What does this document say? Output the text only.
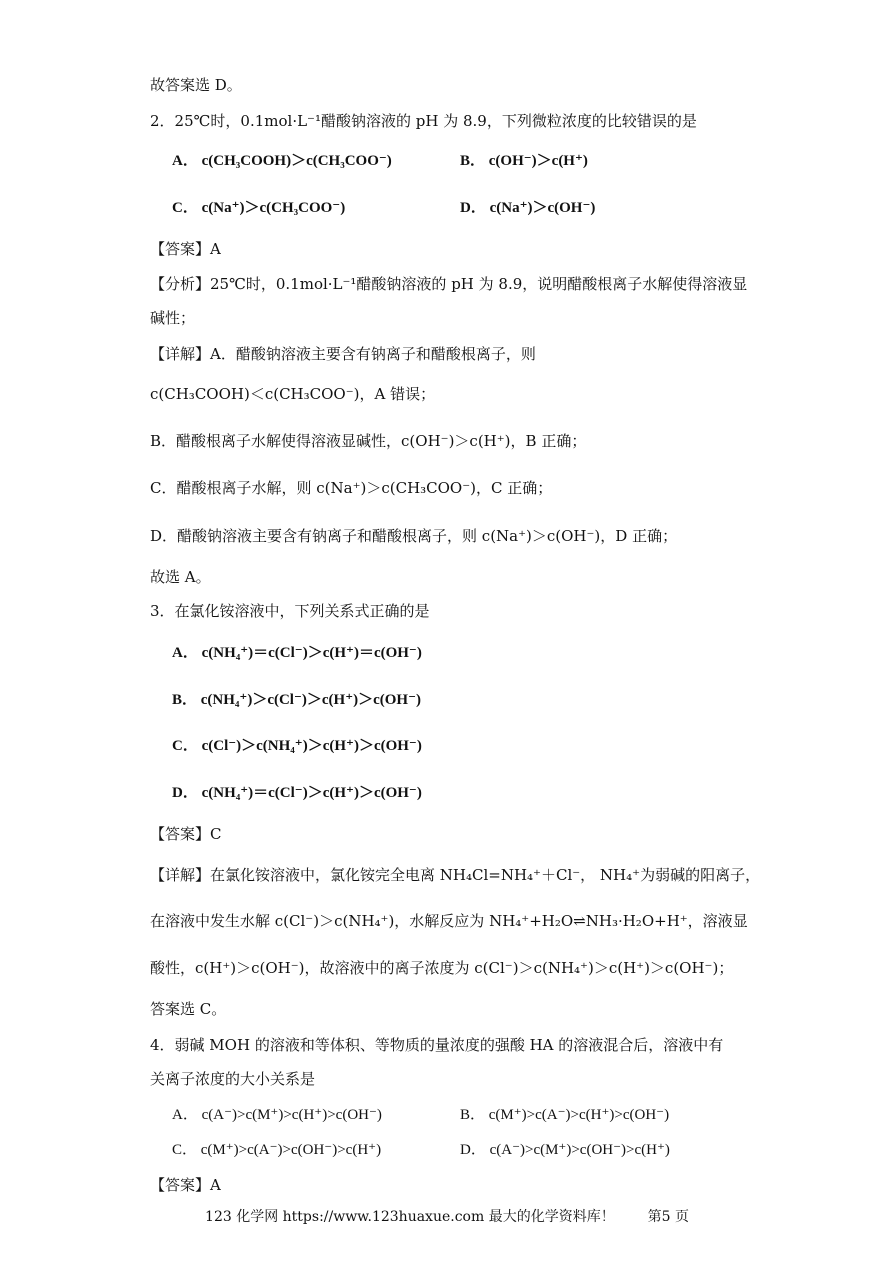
故答案选 D。
2．25℃时，0.1mol·L⁻¹醋酸钠溶液的 pH 为 8.9，下列微粒浓度的比较错误的是
A． c(CH₃COOH)＞c(CH₃COO⁻)	B． c(OH⁻)＞c(H⁺)
C． c(Na⁺)＞c(CH₃COO⁻)	D． c(Na⁺)＞c(OH⁻)
【答案】A
【分析】25℃时，0.1mol·L⁻¹醋酸钠溶液的 pH 为 8.9，说明醋酸根离子水解使得溶液显
碱性；
【详解】A．醋酸钠溶液主要含有钠离子和醋酸根离子，则
c(CH₃COOH)＜c(CH₃COO⁻)，A 错误；
B．醋酸根离子水解使得溶液显碱性，c(OH⁻)＞c(H⁺)，B 正确；
C．醋酸根离子水解，则 c(Na⁺)＞c(CH₃COO⁻)，C 正确；
D．醋酸钠溶液主要含有钠离子和醋酸根离子，则 c(Na⁺)＞c(OH⁻)，D 正确；
故选 A。
3．在氯化铵溶液中，下列关系式正确的是
A． c(NH₄⁺)＝c(Cl⁻)＞c(H⁺)＝c(OH⁻)
B． c(NH₄⁺)＞c(Cl⁻)＞c(H⁺)＞c(OH⁻)
C． c(Cl⁻)＞c(NH₄⁺)＞c(H⁺)＞c(OH⁻)
D． c(NH₄⁺)＝c(Cl⁻)＞c(H⁺)＞c(OH⁻)
【答案】C
【详解】在氯化铵溶液中，氯化铵完全电离 NH₄Cl=NH₄⁺＋Cl⁻， NH₄⁺为弱碱的阳离子，
在溶液中发生水解 c(Cl⁻)＞c(NH₄⁺)，水解反应为 NH₄⁺+H₂O⇌NH₃·H₂O+H⁺，溶液显
酸性，c(H⁺)＞c(OH⁻)，故溶液中的离子浓度为 c(Cl⁻)＞c(NH₄⁺)＞c(H⁺)＞c(OH⁻)；
答案选 C。
4．弱碱 MOH 的溶液和等体积、等物质的量浓度的强酸 HA 的溶液混合后，溶液中有
关离子浓度的大小关系是
A． c(A⁻)>c(M⁺)>c(H⁺)>c(OH⁻)	B． c(M⁺)>c(A⁻)>c(H⁺)>c(OH⁻)
C． c(M⁺)>c(A⁻)>c(OH⁻)>c(H⁺)	D． c(A⁻)>c(M⁺)>c(OH⁻)>c(H⁺)
【答案】A
123 化学网 https://www.123huaxue.com 最大的化学资料库！ 第5 页
